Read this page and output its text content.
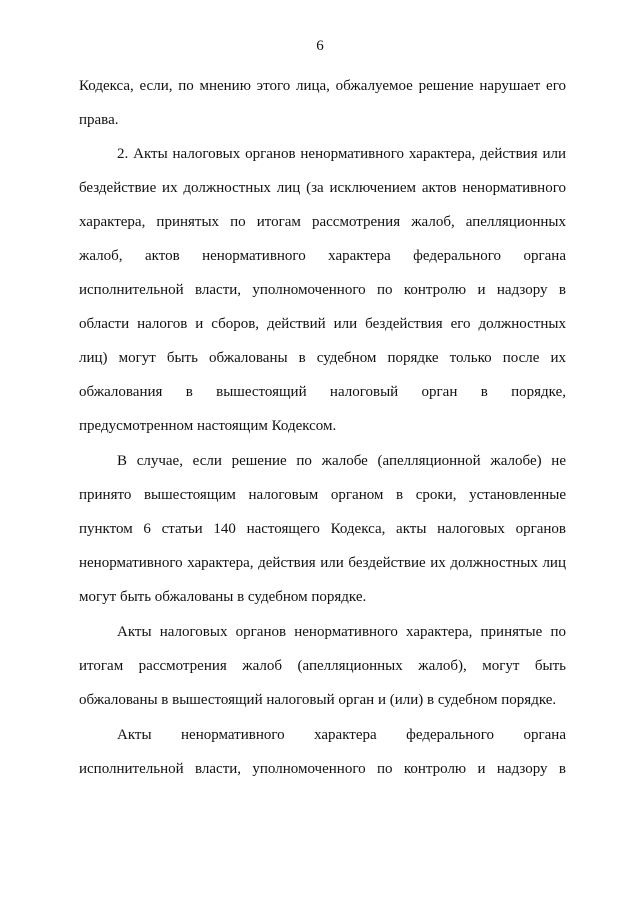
6
Кодекса, если, по мнению этого лица, обжалуемое решение нарушает его
права.
2. Акты налоговых органов ненормативного характера, действия или
бездействие их должностных лиц (за исключением актов ненормативного
характера, принятых по итогам рассмотрения жалоб, апелляционных
жалоб, актов ненормативного характера федерального органа
исполнительной власти, уполномоченного по контролю и надзору в
области налогов и сборов, действий или бездействия его должностных
лиц) могут быть обжалованы в судебном порядке только после их
обжалования в вышестоящий налоговый орган в порядке,
предусмотренном настоящим Кодексом.
В случае, если решение по жалобе (апелляционной жалобе) не
принято вышестоящим налоговым органом в сроки, установленные
пунктом 6 статьи 140 настоящего Кодекса, акты налоговых органов
ненормативного характера, действия или бездействие их должностных лиц
могут быть обжалованы в судебном порядке.
Акты налоговых органов ненормативного характера, принятые по
итогам рассмотрения жалоб (апелляционных жалоб), могут быть
обжалованы в вышестоящий налоговый орган и (или) в судебном порядке.
Акты ненормативного характера федерального органа
исполнительной власти, уполномоченного по контролю и надзору в
